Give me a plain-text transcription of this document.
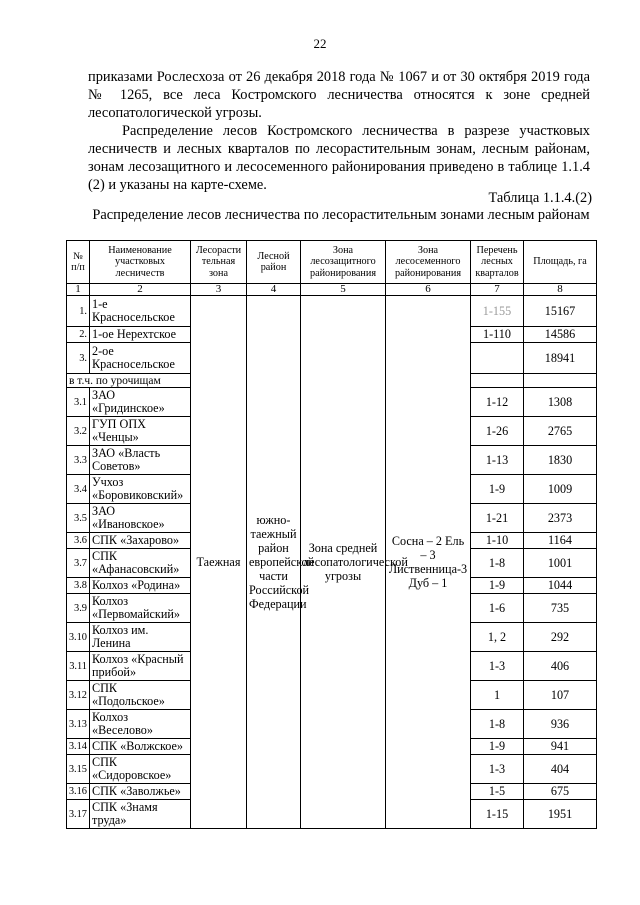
22
приказами Рослесхоза от 26 декабря 2018 года № 1067 и от 30 октября 2019 года № 1265, все леса Костромского лесничества относятся к зоне средней лесопатологической угрозы.
Распределение лесов Костромского лесничества в разрезе участковых лесничеств и лесных кварталов по лесорастительным зонам, лесным районам, зонам лесозащитного и лесосеменного районирования приведено в таблице 1.1.4 (2) и указаны на карте-схеме.
Таблица 1.1.4.(2)
Распределение лесов лесничества по лесорастительным зонами лесным районам
№ п/п	Наименование участковых лесничеств	Лесорасти тельная зона	Лесной район	Зона лесозащитного районирования	Зона лесосеменного районирования	Перечень лесных кварталов	Площадь, га
1	2	3	4	5	6	7	8
1.	1-е Красносельское	Таежная	южно-таежный район европейской части Российской Федерации	Зона средней лесопатологической угрозы	Сосна – 2 Ель – 3 Лиственница-3 Дуб – 1	1-155	15167
2.	1-ое Нерехтское					1-110	14586
3.	2-ое Красносельское						18941
в т.ч. по урочищам							
3.1	ЗАО «Гридинское»					1-12	1308
3.2	ГУП ОПХ «Ченцы»					1-26	2765
3.3	ЗАО «Власть Советов»					1-13	1830
3.4	Учхоз «Боровиковский»					1-9	1009
3.5	ЗАО «Ивановское»					1-21	2373
3.6	СПК «Захарово»					1-10	1164
3.7	СПК «Афанасовский»					1-8	1001
3.8	Колхоз «Родина»					1-9	1044
3.9	Колхоз «Первомайский»					1-6	735
3.10	Колхоз им. Ленина					1, 2	292
3.11	Колхоз «Красный прибой»					1-3	406
3.12	СПК «Подольское»					1	107
3.13	Колхоз «Веселово»					1-8	936
3.14	СПК «Волжское»					1-9	941
3.15	СПК «Сидоровское»					1-3	404
3.16	СПК «Заволжье»					1-5	675
3.17	СПК «Знамя труда»					1-15	1951
